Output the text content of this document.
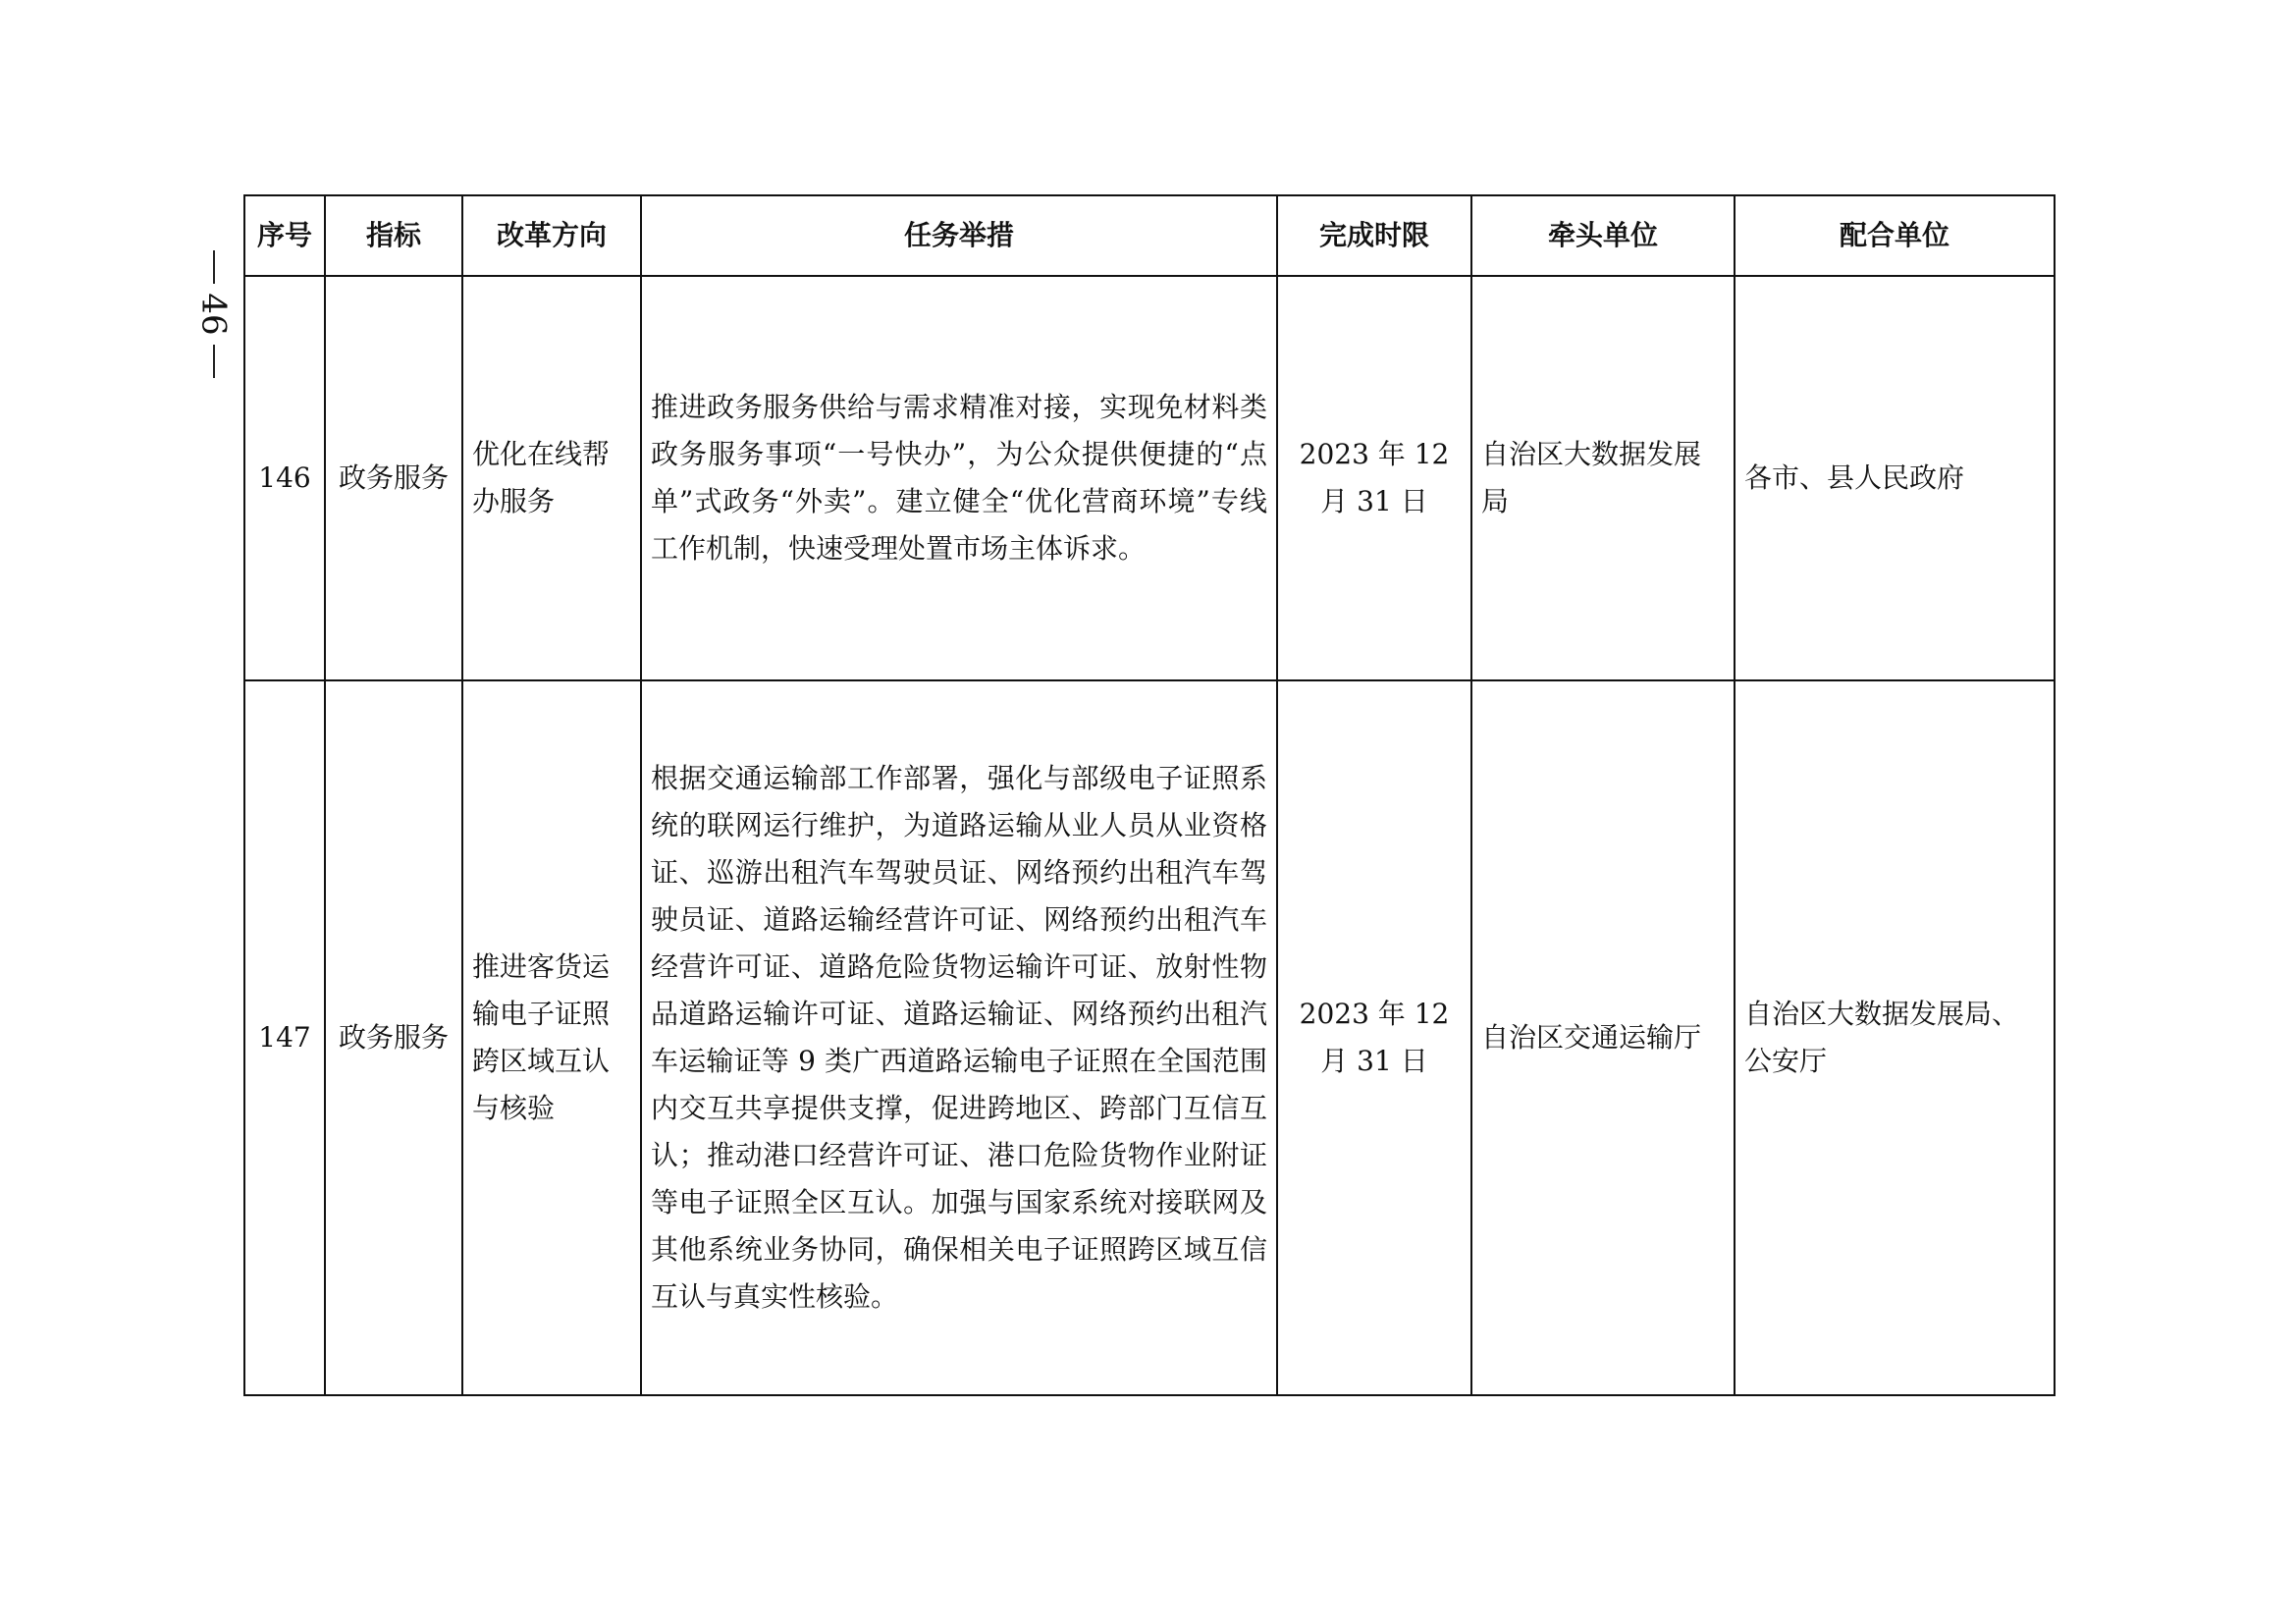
46
序号	指标	改革方向	任务举措	完成时限	牵头单位	配合单位
146	政务服务	优化在线帮办服务	推进政务服务供给与需求精准对接，实现免材料类政务服务事项“一号快办”，为公众提供便捷的“点单”式政务“外卖”。建立健全“优化营商环境”专线工作机制，快速受理处置市场主体诉求。	2023 年 12 月 31 日	自治区大数据发展局	各市、县人民政府
147	政务服务	推进客货运输电子证照跨区域互认与核验	根据交通运输部工作部署，强化与部级电子证照系统的联网运行维护，为道路运输从业人员从业资格证、巡游出租汽车驾驶员证、网络预约出租汽车驾驶员证、道路运输经营许可证、网络预约出租汽车经营许可证、道路危险货物运输许可证、放射性物品道路运输许可证、道路运输证、网络预约出租汽车运输证等 9 类广西道路运输电子证照在全国范围内交互共享提供支撑，促进跨地区、跨部门互信互认；推动港口经营许可证、港口危险货物作业附证等电子证照全区互认。加强与国家系统对接联网及其他系统业务协同，确保相关电子证照跨区域互信互认与真实性核验。	2023 年 12 月 31 日	自治区交通运输厅	自治区大数据发展局、公安厅
